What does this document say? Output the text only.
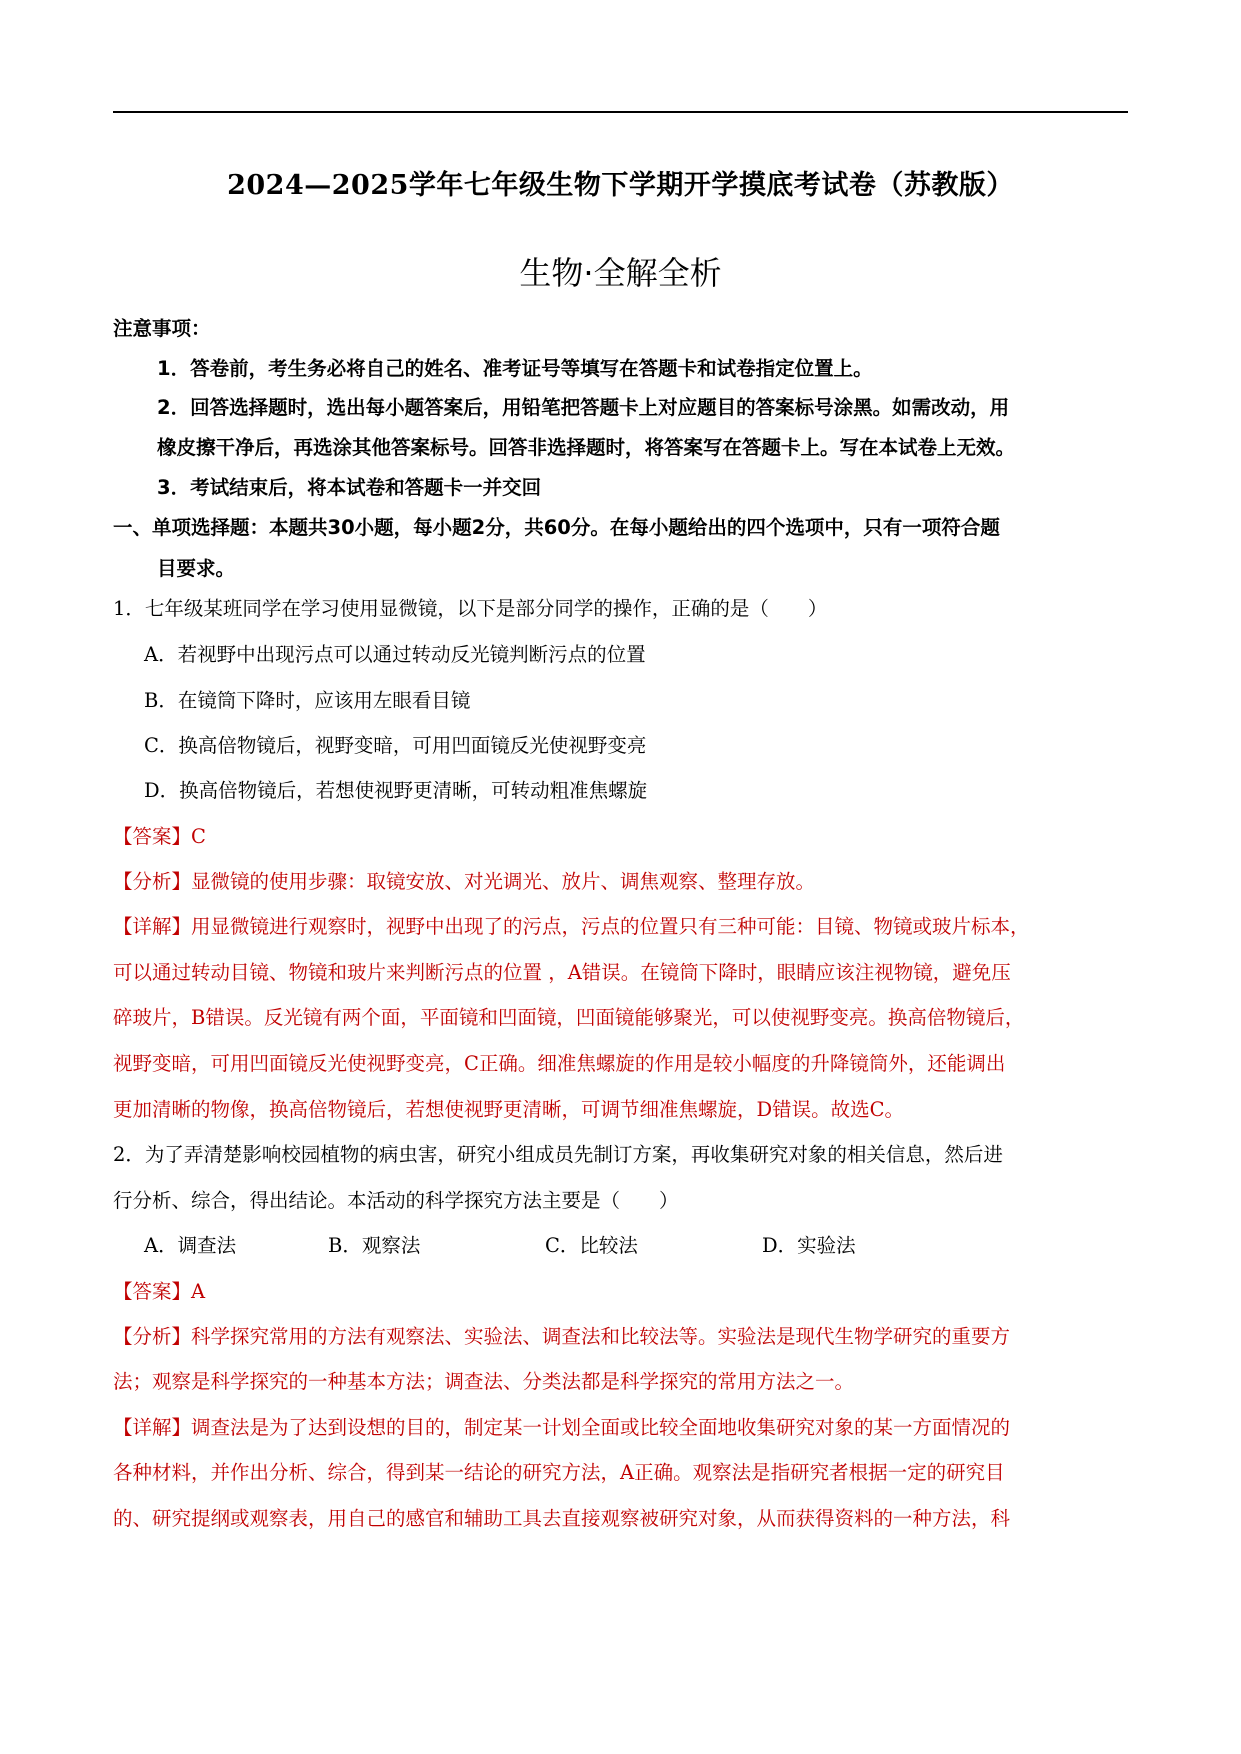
2024—2025学年七年级生物下学期开学摸底考试卷（苏教版）
生物·全解全析
注意事项：
1．答卷前，考生务必将自己的姓名、准考证号等填写在答题卡和试卷指定位置上。
2．回答选择题时，选出每小题答案后，用铅笔把答题卡上对应题目的答案标号涂黑。如需改动，用
橡皮擦干净后，再选涂其他答案标号。回答非选择题时，将答案写在答题卡上。写在本试卷上无效。
3．考试结束后，将本试卷和答题卡一并交回
一、单项选择题：本题共30小题，每小题2分，共60分。在每小题给出的四个选项中，只有一项符合题
目要求。
1．七年级某班同学在学习使用显微镜，以下是部分同学的操作，正确的是（　　）
A．若视野中出现污点可以通过转动反光镜判断污点的位置
B．在镜筒下降时，应该用左眼看目镜
C．换高倍物镜后，视野变暗，可用凹面镜反光使视野变亮
D．换高倍物镜后，若想使视野更清晰，可转动粗准焦螺旋
【答案】C
【分析】显微镜的使用步骤：取镜安放、对光调光、放片、调焦观察、整理存放。
【详解】用显微镜进行观察时，视野中出现了的污点，污点的位置只有三种可能：目镜、物镜或玻片标本，
可以通过转动目镜、物镜和玻片来判断污点的位置 ，A错误。在镜筒下降时，眼睛应该注视物镜，避免压
碎玻片，B错误。反光镜有两个面，平面镜和凹面镜，凹面镜能够聚光，可以使视野变亮。换高倍物镜后，
视野变暗，可用凹面镜反光使视野变亮，C正确。细准焦螺旋的作用是较小幅度的升降镜筒外，还能调出
更加清晰的物像，换高倍物镜后，若想使视野更清晰，可调节细准焦螺旋，D错误。故选C。
2．为了弄清楚影响校园植物的病虫害，研究小组成员先制订方案，再收集研究对象的相关信息，然后进
行分析、综合，得出结论。本活动的科学探究方法主要是（　　）
A．调查法	B．观察法	C．比较法	D．实验法
【答案】A
【分析】科学探究常用的方法有观察法、实验法、调查法和比较法等。实验法是现代生物学研究的重要方
法；观察是科学探究的一种基本方法；调查法、分类法都是科学探究的常用方法之一。
【详解】调查法是为了达到设想的目的，制定某一计划全面或比较全面地收集研究对象的某一方面情况的
各种材料，并作出分析、综合，得到某一结论的研究方法，A正确。观察法是指研究者根据一定的研究目
的、研究提纲或观察表，用自己的感官和辅助工具去直接观察被研究对象，从而获得资料的一种方法，科
